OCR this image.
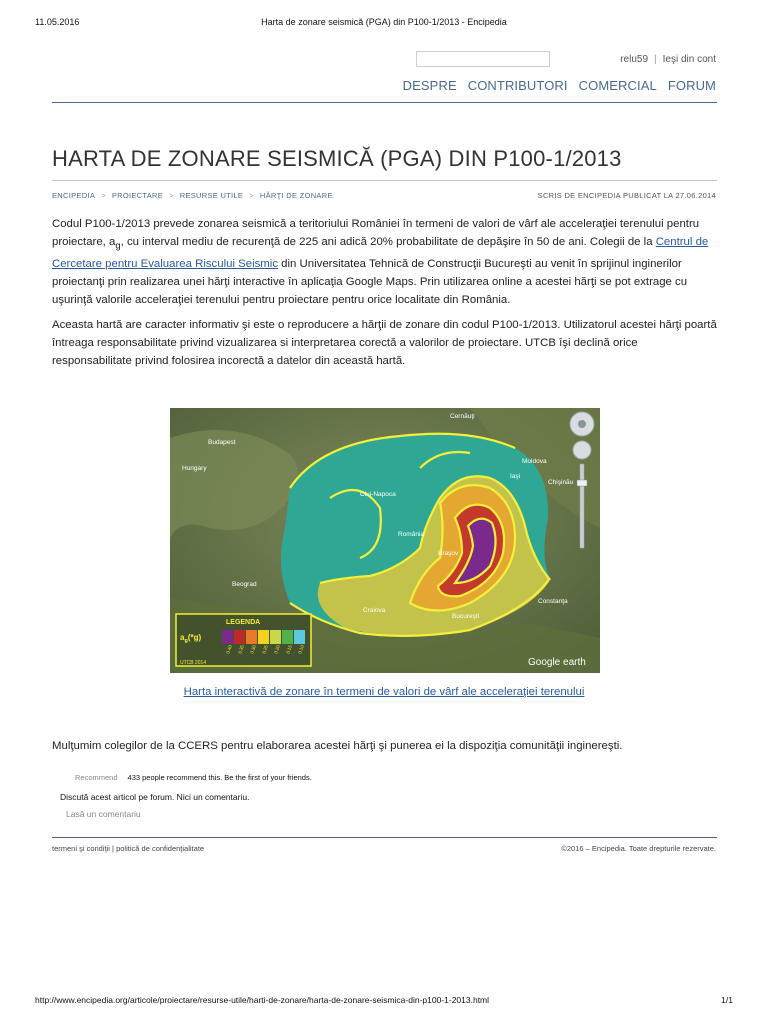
11.05.2016	Harta de zonare seismică (PGA) din P100-1/2013 - Encipedia
relu59 | Ieşi din cont
DESPRE CONTRIBUTORI COMERCIAL FORUM
HARTA DE ZONARE SEISMICĂ (PGA) DIN P100-1/2013
ENCIPEDIA > PROIECTARE > RESURSE UTILE > HĂRŢI DE ZONARE	SCRIS DE ENCIPEDIA PUBLICAT LA 27.06.2014

Codul P100-1/2013 prevede zonarea seismică a teritoriului României în termeni de valori de vârf ale acceleraţiei terenului pentru proiectare, $a_g$, cu interval mediu de recurenţă de 225 ani adică 20% probabilitate de depăşire în 50 de ani. Colegii de la Centrul de Cercetare pentru Evaluarea Riscului Seismic din Universitatea Tehnică de Construcţii Bucureşti au venit în sprijinul inginerilor proiectanţi prin realizarea unei hărţi interactive în aplicaţia Google Maps. Prin utilizarea online a acestei hărţi se pot extrage cu uşurinţă valorile acceleraţiei terenului pentru proiectare pentru orice localitate din România.

Aceasta hartă are caracter informativ şi este o reproducere a hărţii de zonare din codul P100-1/2013. Utilizatorul acestei hărţi poartă întreaga responsabilitate privind vizualizarea si interpretarea corectă a valorilor de proiectare. UTCB îşi declină orice responsabilitate privind folosirea incorectă a datelor din această hartă.

Cernăuţi
Budapest
Hungary
Moldova
Iaşi
Chişinău
Cluj-Napoca
România
Braşov
Beograd
Craiova
Bucureşti
Constanţa
LEGENDA
$a_g(*g)$
0.40 0.35 0.30 0.25 0.20 0.15 0.10
UTCB 2014	Google earth
Harta interactivă de zonare în termeni de valori de vârf ale acceleraţiei terenului

Mulţumim colegilor de la CCERS pentru elaborarea acestei hărţi şi punerea ei la dispoziţia comunităţii inginereşti.

Recommend 433 people recommend this. Be the first of your friends.
Discută acest articol pe forum. Nici un comentariu.
Lasă un comentariu
termeni şi condiţii | politică de confidenţialitate	©2016 – Encipedia. Toate drepturile rezervate.
http://www.encipedia.org/articole/proiectare/resurse-utile/harti-de-zonare/harta-de-zonare-seismica-din-p100-1-2013.html	1/1
